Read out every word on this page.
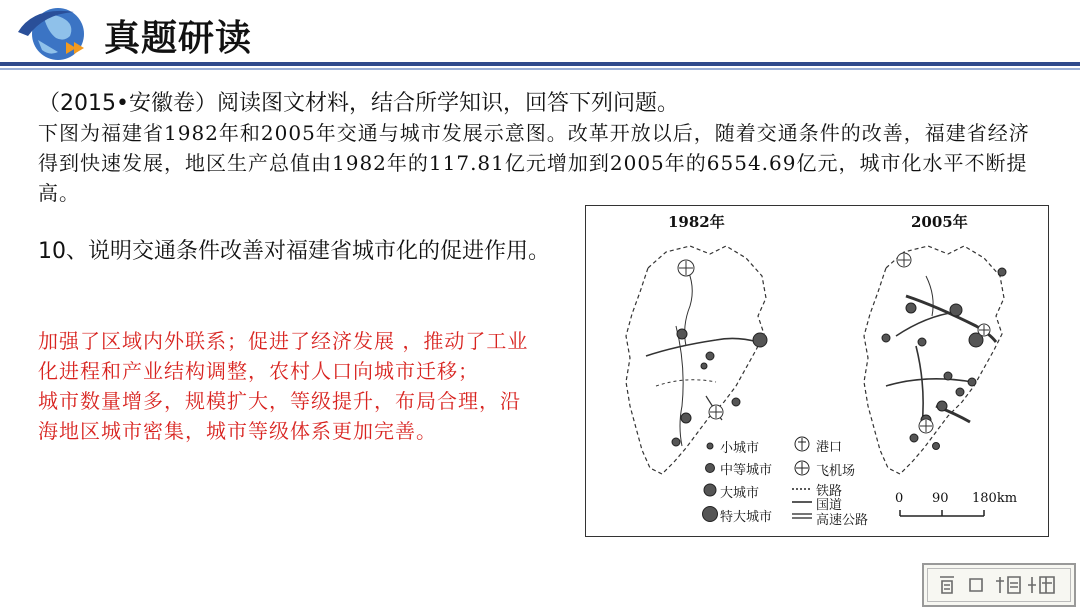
真题研读
（2015•安徽卷）阅读图文材料，结合所学知识，回答下列问题。
下图为福建省1982年和2005年交通与城市发展示意图。改革开放以后，随着交通条件的改善，福建省经济得到快速发展，地区生产总值由1982年的117.81亿元增加到2005年的6554.69亿元，城市化水平不断提高。
10、说明交通条件改善对福建省城市化的促进作用。

加强了区域内外联系；促进了经济发展 ，推动了工业化进程和产业结构调整，农村人口向城市迁移；

城市数量增多，规模扩大，等级提升，布局合理，沿海地区城市密集，城市等级体系更加完善。

1982年	2005年
小城市
中等城市
大城市
特大城市
港口
飞机场
铁路
国道
高速公路
0 90 180km
